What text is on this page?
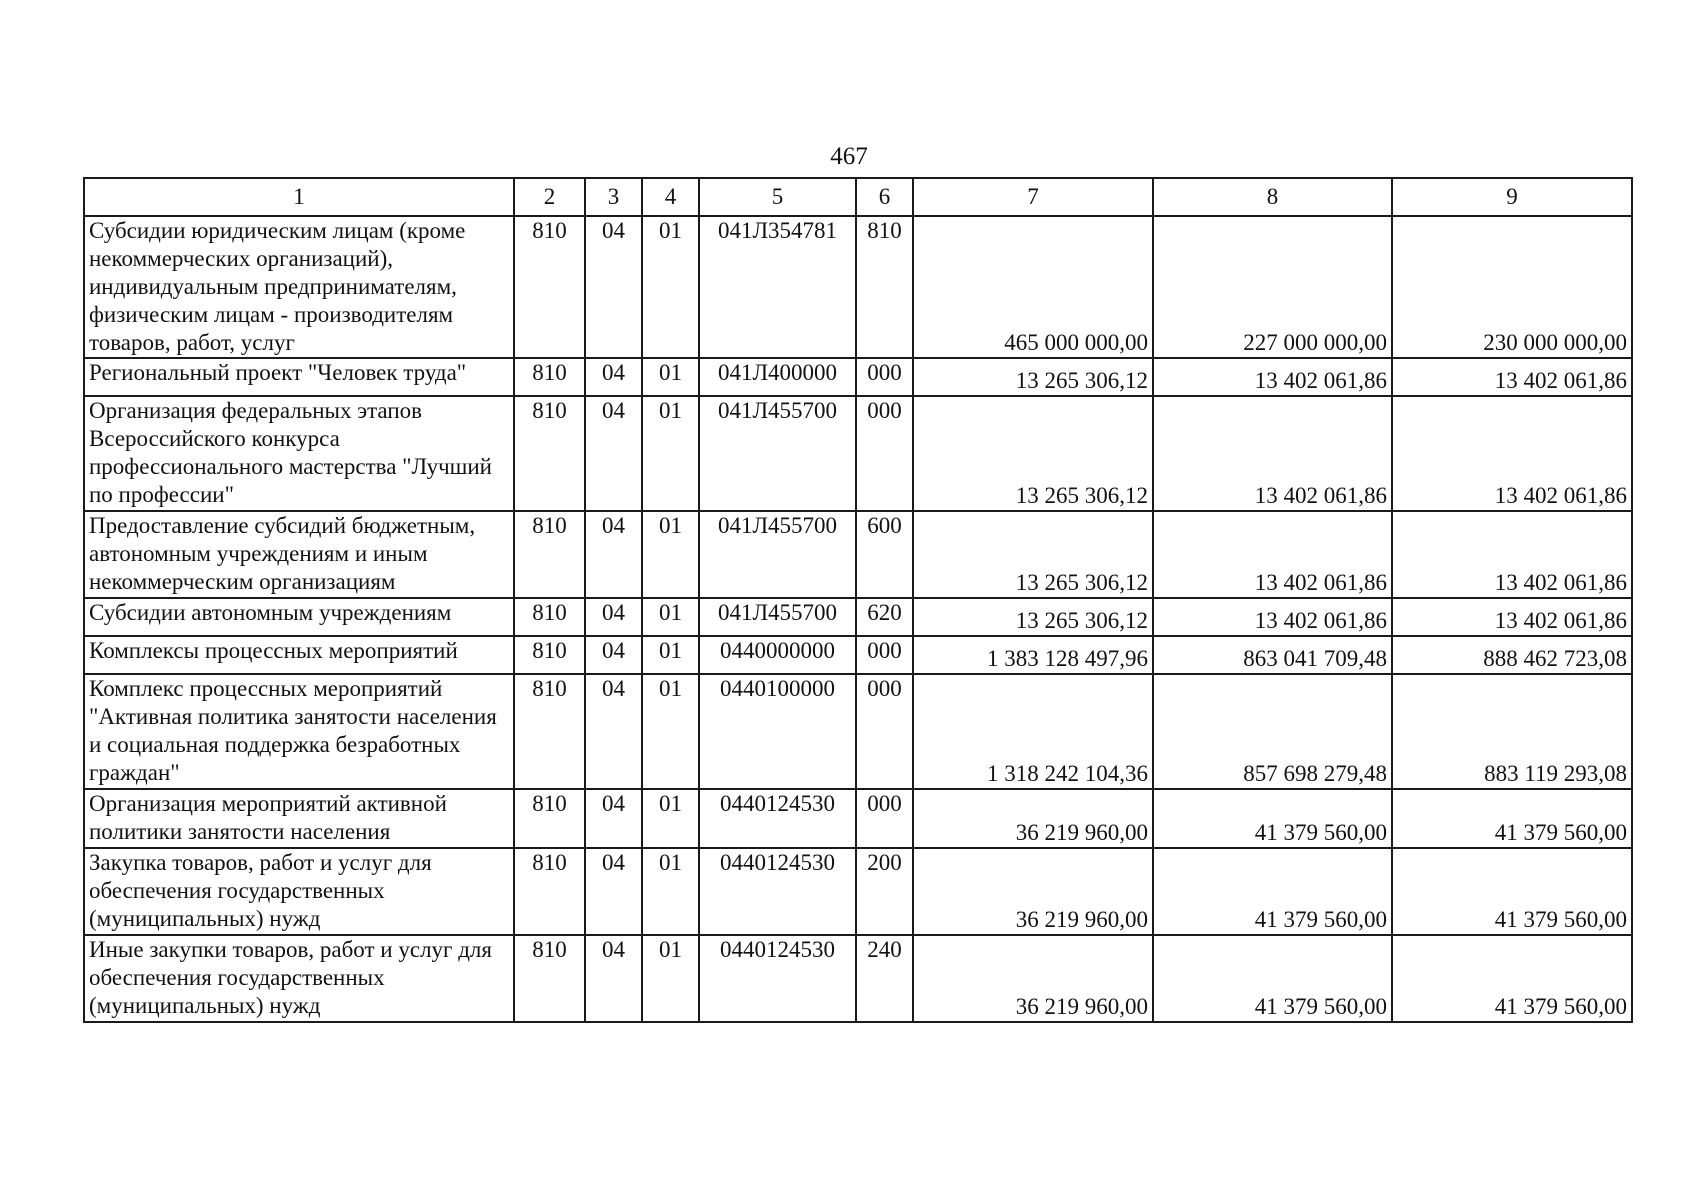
467
1	2	3	4	5	6	7	8	9
Субсидии юридическим лицам (кроме некоммерческих организаций), индивидуальным предпринимателям, физическим лицам - производителям товаров, работ, услуг	810	04	01	041Л354781	810	465 000 000,00	227 000 000,00	230 000 000,00
Региональный проект "Человек труда"	810	04	01	041Л400000	000	13 265 306,12	13 402 061,86	13 402 061,86
Организация федеральных этапов Всероссийского конкурса профессионального мастерства "Лучший по профессии"	810	04	01	041Л455700	000	13 265 306,12	13 402 061,86	13 402 061,86
Предоставление субсидий бюджетным, автономным учреждениям и иным некоммерческим организациям	810	04	01	041Л455700	600	13 265 306,12	13 402 061,86	13 402 061,86
Субсидии автономным учреждениям	810	04	01	041Л455700	620	13 265 306,12	13 402 061,86	13 402 061,86
Комплексы процессных мероприятий	810	04	01	0440000000	000	1 383 128 497,96	863 041 709,48	888 462 723,08
Комплекс процессных мероприятий "Активная политика занятости населения и социальная поддержка безработных граждан"	810	04	01	0440100000	000	1 318 242 104,36	857 698 279,48	883 119 293,08
Организация мероприятий активной политики занятости населения	810	04	01	0440124530	000	36 219 960,00	41 379 560,00	41 379 560,00
Закупка товаров, работ и услуг для обеспечения государственных (муниципальных) нужд	810	04	01	0440124530	200	36 219 960,00	41 379 560,00	41 379 560,00
Иные закупки товаров, работ и услуг для обеспечения государственных (муниципальных) нужд	810	04	01	0440124530	240	36 219 960,00	41 379 560,00	41 379 560,00
